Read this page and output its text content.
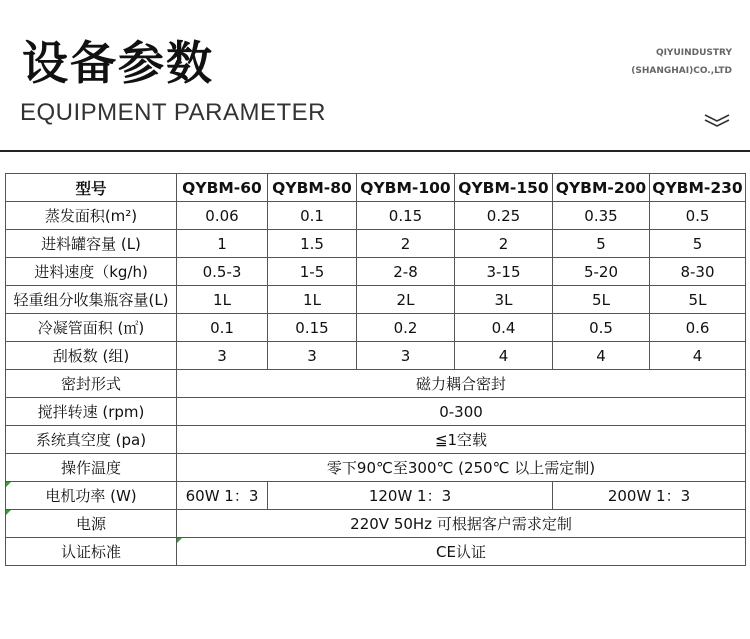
设备参数
EQUIPMENT PARAMETER
QIYUINDUSTRY
(SHANGHAI)CO.,LTD
型号	QYBM-60	QYBM-80	QYBM-100	QYBM-150	QYBM-200	QYBM-230
蒸发面积(m²)	0.06	0.1	0.15	0.25	0.35	0.5
进料罐容量 (L)	1	1.5	2	2	5	5
进料速度（kg/h)	0.5-3	1-5	2-8	3-15	5-20	8-30
轻重组分收集瓶容量(L)	1L	1L	2L	3L	5L	5L
冷凝管面积 (㎡)	0.1	0.15	0.2	0.4	0.5	0.6
刮板数 (组)	3	3	3	4	4	4
密封形式	磁力耦合密封					
搅拌转速 (rpm)	0-300					
系统真空度 (pa)	≦1空载					
操作温度	零下90℃至300℃ (250℃ 以上需定制)					
电机功率 (W)	60W 1：3	120W 1：3			200W 1：3	
电源	220V 50Hz 可根据客户需求定制					
认证标准	CE认证					
